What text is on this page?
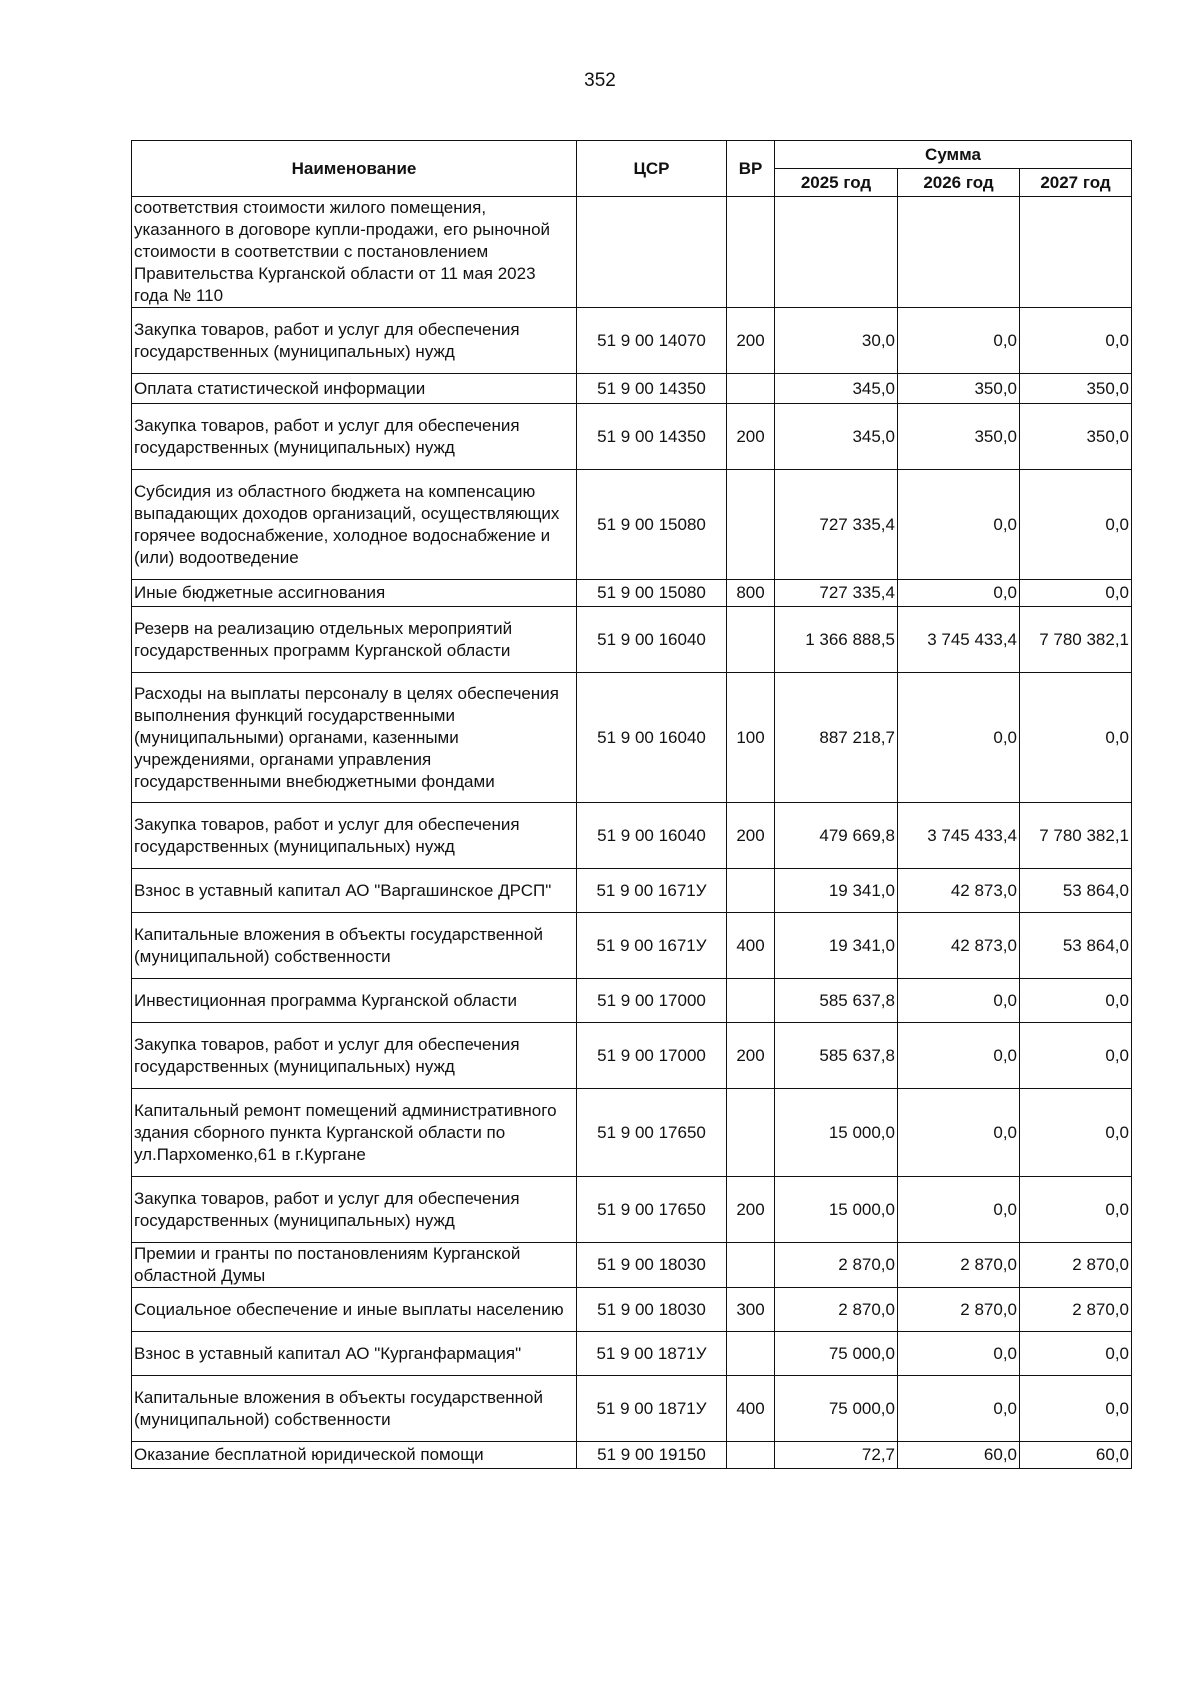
352
Наименование	ЦСР	ВР	Сумма		
			2025 год	2026 год	2027 год
соответствия стоимости жилого помещения, указанного в договоре купли-продажи, его рыночной стоимости в соответствии с постановлением Правительства Курганской области от 11 мая 2023 года № 110					
Закупка товаров, работ и услуг для обеспечения государственных (муниципальных) нужд	51 9 00 14070	200	30,0	0,0	0,0
Оплата статистической информации	51 9 00 14350		345,0	350,0	350,0
Закупка товаров, работ и услуг для обеспечения государственных (муниципальных) нужд	51 9 00 14350	200	345,0	350,0	350,0
Субсидия из областного бюджета на компенсацию выпадающих доходов организаций, осуществляющих горячее водоснабжение, холодное водоснабжение и (или) водоотведение	51 9 00 15080		727 335,4	0,0	0,0
Иные бюджетные ассигнования	51 9 00 15080	800	727 335,4	0,0	0,0
Резерв на реализацию отдельных мероприятий государственных программ Курганской области	51 9 00 16040		1 366 888,5	3 745 433,4	7 780 382,1
Расходы на выплаты персоналу в целях обеспечения выполнения функций государственными (муниципальными) органами, казенными учреждениями, органами управления государственными внебюджетными фондами	51 9 00 16040	100	887 218,7	0,0	0,0
Закупка товаров, работ и услуг для обеспечения государственных (муниципальных) нужд	51 9 00 16040	200	479 669,8	3 745 433,4	7 780 382,1
Взнос в уставный капитал АО "Варгашинское ДРСП"	51 9 00 1671У		19 341,0	42 873,0	53 864,0
Капитальные вложения в объекты государственной (муниципальной) собственности	51 9 00 1671У	400	19 341,0	42 873,0	53 864,0
Инвестиционная программа Курганской области	51 9 00 17000		585 637,8	0,0	0,0
Закупка товаров, работ и услуг для обеспечения государственных (муниципальных) нужд	51 9 00 17000	200	585 637,8	0,0	0,0
Капитальный ремонт помещений административного здания сборного пункта Курганской области по ул.Пархоменко,61 в г.Кургане	51 9 00 17650		15 000,0	0,0	0,0
Закупка товаров, работ и услуг для обеспечения государственных (муниципальных) нужд	51 9 00 17650	200	15 000,0	0,0	0,0
Премии и гранты по постановлениям Курганской областной Думы	51 9 00 18030		2 870,0	2 870,0	2 870,0
Социальное обеспечение и иные выплаты населению	51 9 00 18030	300	2 870,0	2 870,0	2 870,0
Взнос в уставный капитал АО "Курганфармация"	51 9 00 1871У		75 000,0	0,0	0,0
Капитальные вложения в объекты государственной (муниципальной) собственности	51 9 00 1871У	400	75 000,0	0,0	0,0
Оказание бесплатной юридической помощи	51 9 00 19150		72,7	60,0	60,0
